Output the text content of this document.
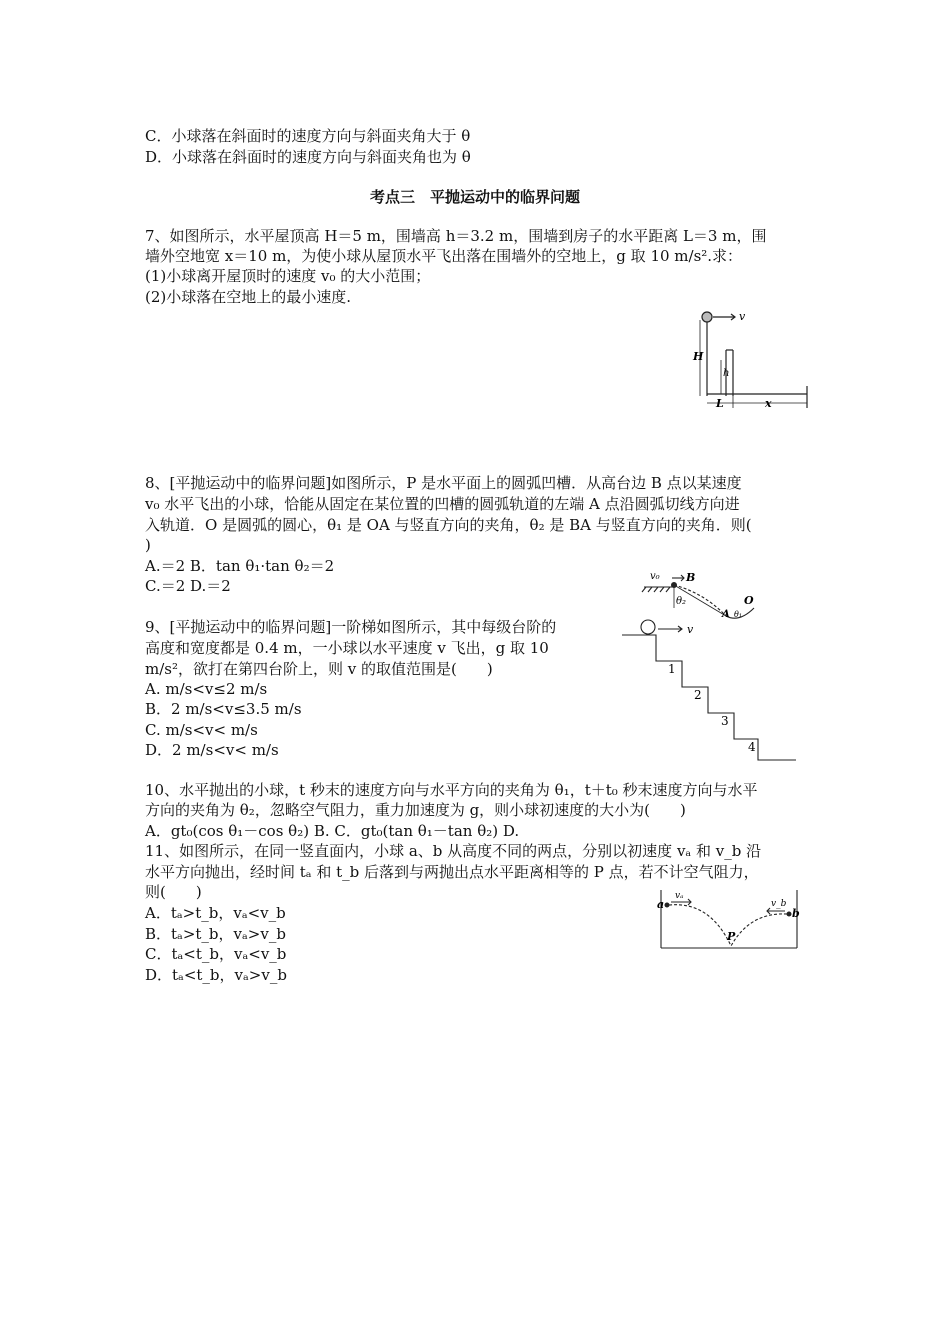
C．小球落在斜面时的速度方向与斜面夹角大于 θ
D．小球落在斜面时的速度方向与斜面夹角也为 θ
考点三　平抛运动中的临界问题
7、如图所示，水平屋顶高 H＝5 m，围墙高 h＝3.2 m，围墙到房子的水平距离 L＝3 m，围
墙外空地宽 x＝10 m，为使小球从屋顶水平飞出落在围墙外的空地上，g 取 10 m/s².求：
(1)小球离开屋顶时的速度 v₀ 的大小范围；
(2)小球落在空地上的最小速度.
v
H
h
L	x
8、[平抛运动中的临界问题]如图所示，P 是水平面上的圆弧凹槽．从高台边 B 点以某速度
v₀ 水平飞出的小球，恰能从固定在某位置的凹槽的圆弧轨道的左端 A 点沿圆弧切线方向进
入轨道．O 是圆弧的圆心，θ₁ 是 OA 与竖直方向的夹角，θ₂ 是 BA 与竖直方向的夹角．则(
)
A.＝2 B．tan θ₁·tan θ₂＝2
C.＝2 D.＝2
v₀ B
θ₂
A
O
θ₁
9、[平抛运动中的临界问题]一阶梯如图所示，其中每级台阶的
高度和宽度都是 0.4 m，一小球以水平速度 v 飞出，g 取 10
m/s²，欲打在第四台阶上，则 v 的取值范围是(　　)
A. m/s<v≤2 m/s
B．2 m/s<v≤3.5 m/s
C. m/s<v< m/s
D．2 m/s<v< m/s
v
1
2
3
4
10、水平抛出的小球，t 秒末的速度方向与水平方向的夹角为 θ₁，t＋t₀ 秒末速度方向与水平
方向的夹角为 θ₂，忽略空气阻力，重力加速度为 g，则小球初速度的大小为(　　)
A．gt₀(cos θ₁－cos θ₂) B. C．gt₀(tan θ₁－tan θ₂) D.
11、如图所示，在同一竖直面内，小球 a、b 从高度不同的两点，分别以初速度 vₐ 和 v_b 沿
水平方向抛出，经时间 tₐ 和 t_b 后落到与两抛出点水平距离相等的 P 点，若不计空气阻力，
则(　　)
A．tₐ>t_b，vₐ<v_b
B．tₐ>t_b，vₐ>v_b
C．tₐ<t_b，vₐ<v_b
D．tₐ<t_b，vₐ>v_b
a
b
vₐ
v_b
P
